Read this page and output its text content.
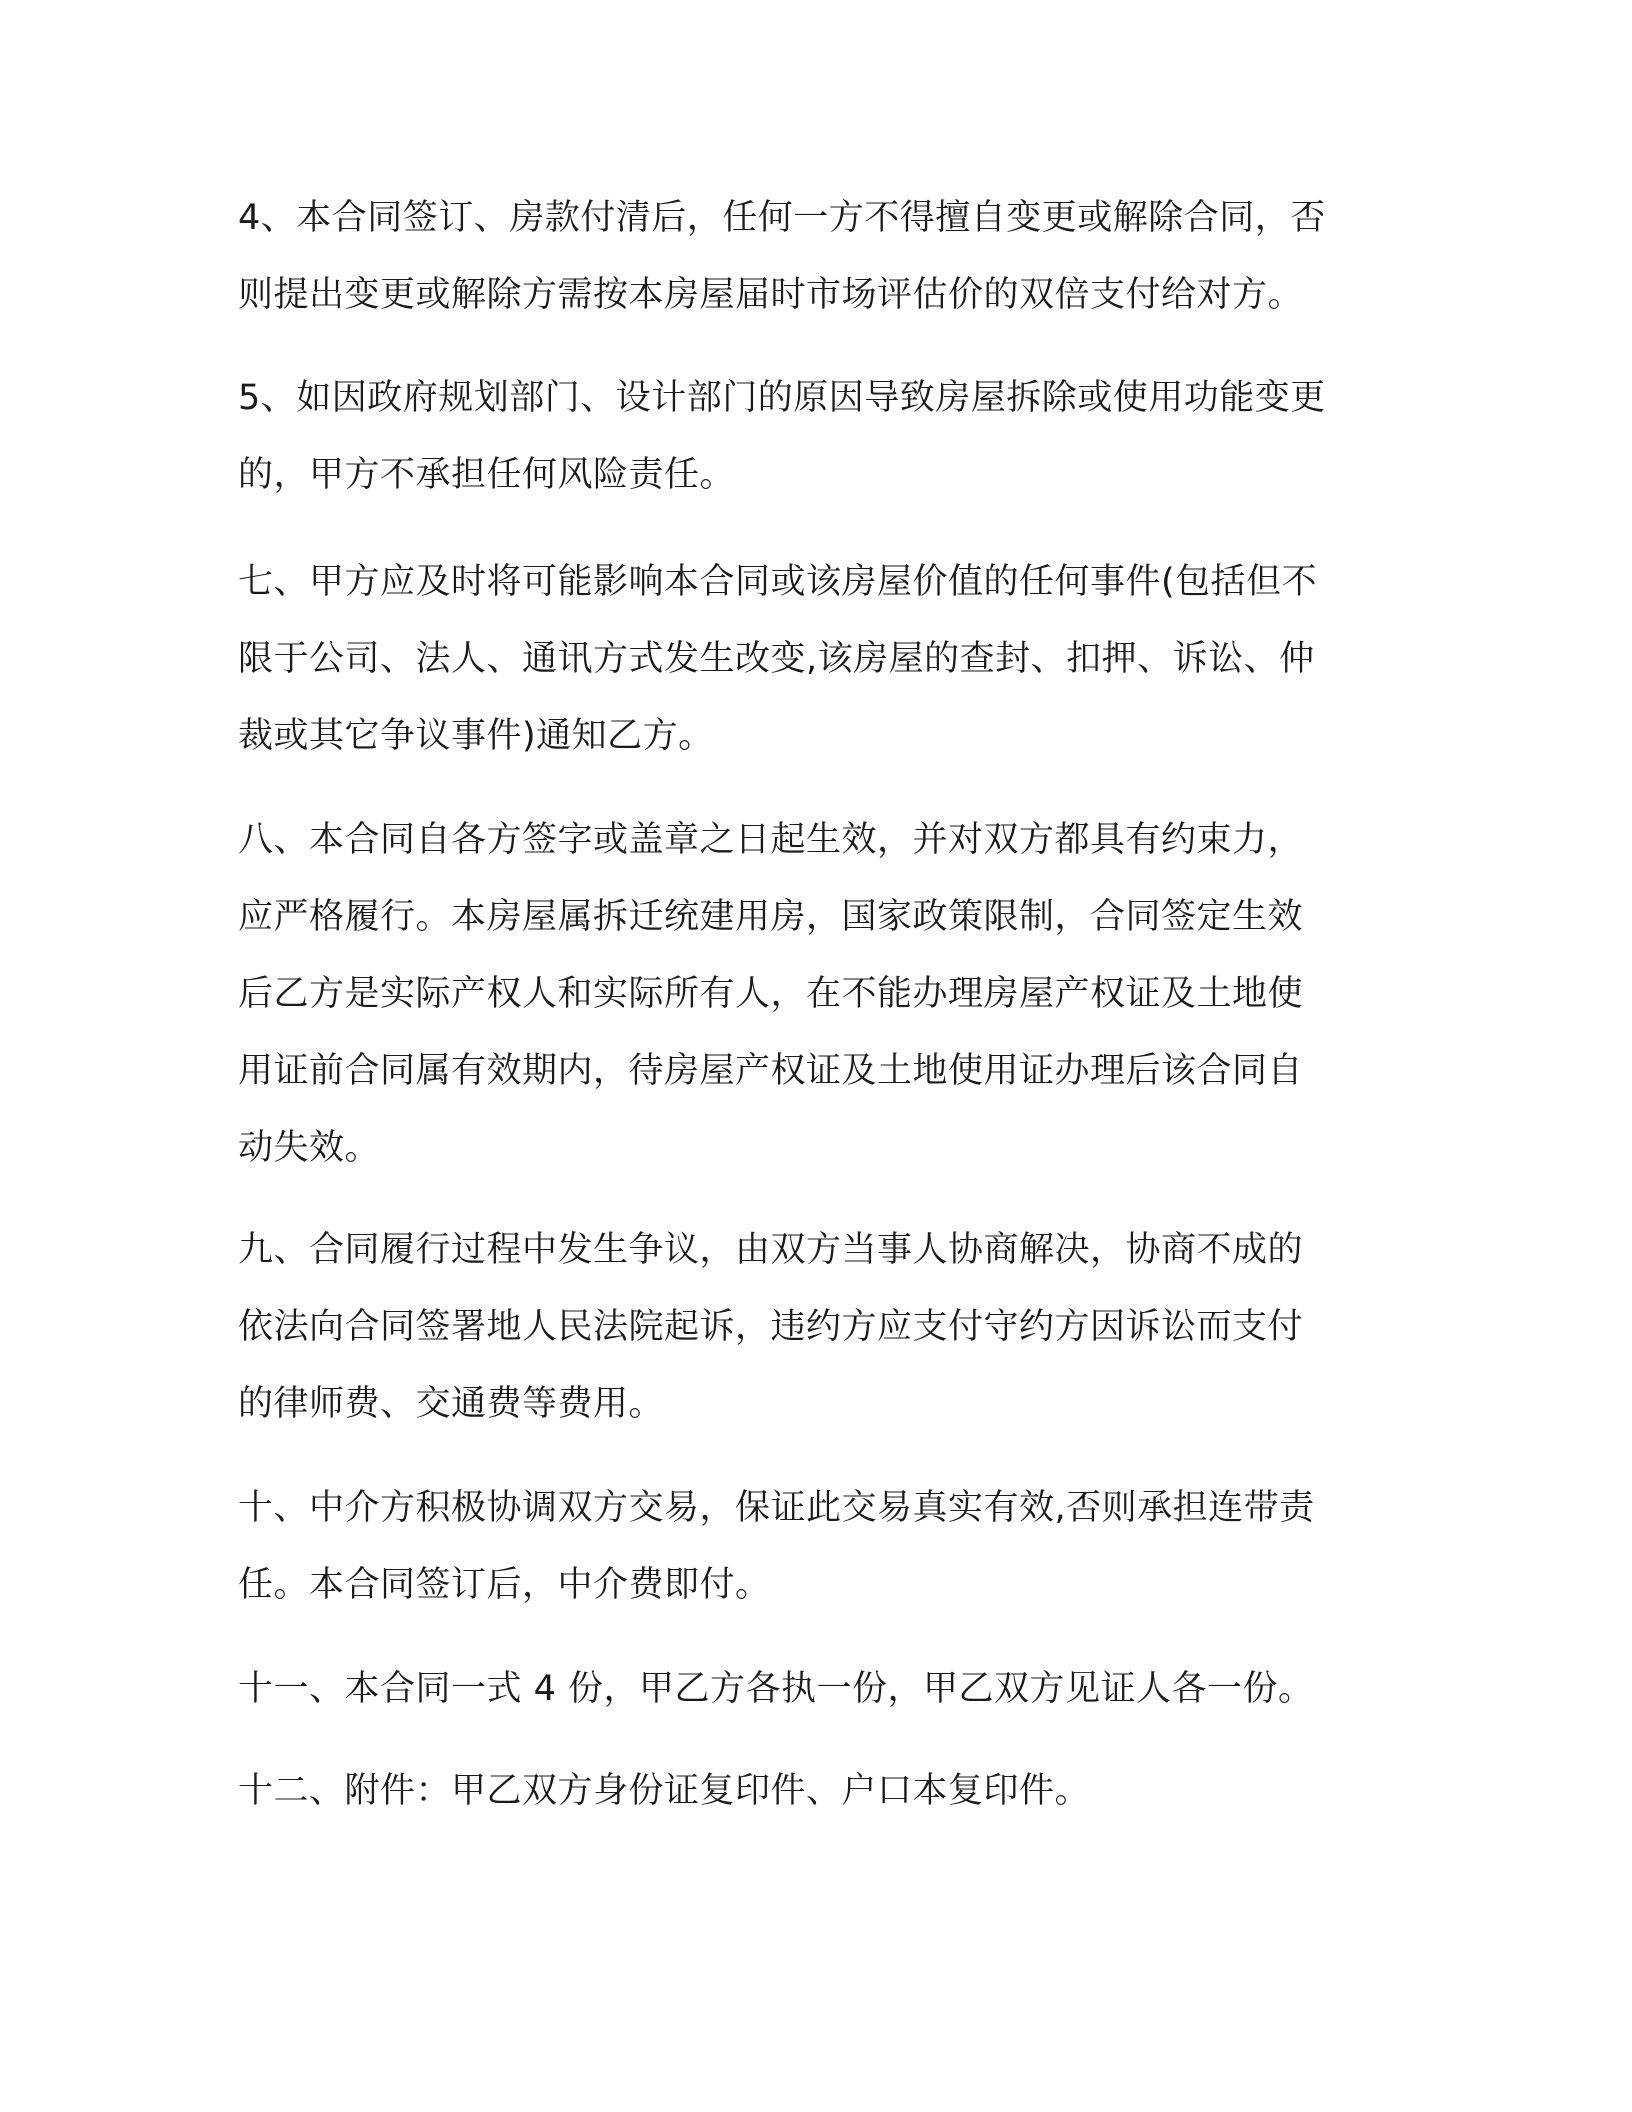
4、本合同签订、房款付清后，任何一方不得擅自变更或解除合同，否
则提出变更或解除方需按本房屋届时市场评估价的双倍支付给对方。

5、如因政府规划部门、设计部门的原因导致房屋拆除或使用功能变更
的，甲方不承担任何风险责任。

七、甲方应及时将可能影响本合同或该房屋价值的任何事件(包括但不
限于公司、法人、通讯方式发生改变,该房屋的查封、扣押、诉讼、仲
裁或其它争议事件)通知乙方。

八、本合同自各方签字或盖章之日起生效，并对双方都具有约束力，
应严格履行。本房屋属拆迁统建用房，国家政策限制，合同签定生效
后乙方是实际产权人和实际所有人，在不能办理房屋产权证及土地使
用证前合同属有效期内，待房屋产权证及土地使用证办理后该合同自
动失效。

九、合同履行过程中发生争议，由双方当事人协商解决，协商不成的
依法向合同签署地人民法院起诉，违约方应支付守约方因诉讼而支付
的律师费、交通费等费用。

十、中介方积极协调双方交易，保证此交易真实有效,否则承担连带责
任。本合同签订后，中介费即付。

十一、本合同一式 4 份，甲乙方各执一份，甲乙双方见证人各一份。

十二、附件：甲乙双方身份证复印件、户口本复印件。
